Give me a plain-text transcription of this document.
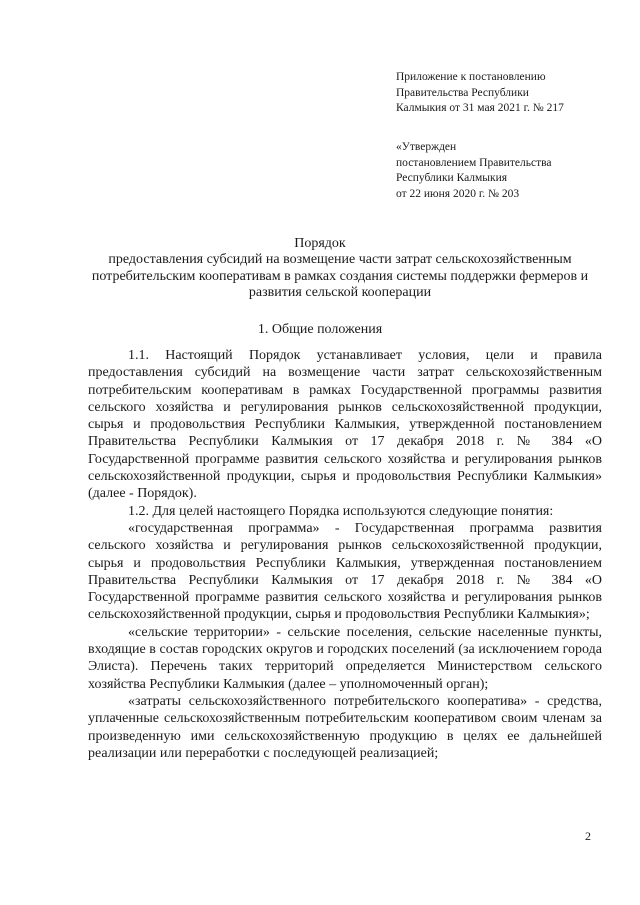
Приложение к постановлению
Правительства Республики
Калмыкия от 31 мая 2021 г. № 217
«Утвержден
постановлением Правительства
Республики Калмыкия
от 22 июня 2020 г. № 203
Порядок
предоставления субсидий на возмещение части затрат сельскохозяйственным потребительским кооперативам в рамках создания системы поддержки фермеров и развития сельской кооперации
1. Общие положения

1.1. Настоящий Порядок устанавливает условия, цели и правила предоставления субсидий на возмещение части затрат сельскохозяйственным потребительским кооперативам в рамках Государственной программы развития сельского хозяйства и регулирования рынков сельскохозяйственной продукции, сырья и продовольствия Республики Калмыкия, утвержденной постановлением Правительства Республики Калмыкия от 17 декабря 2018 г. № 384 «О Государственной программе развития сельского хозяйства и регулирования рынков сельскохозяйственной продукции, сырья и продовольствия Республики Калмыкия» (далее - Порядок).

1.2. Для целей настоящего Порядка используются следующие понятия:

«государственная программа» - Государственная программа развития сельского хозяйства и регулирования рынков сельскохозяйственной продукции, сырья и продовольствия Республики Калмыкия, утвержденная постановлением Правительства Республики Калмыкия от 17 декабря 2018 г. № 384 «О Государственной программе развития сельского хозяйства и регулирования рынков сельскохозяйственной продукции, сырья и продовольствия Республики Калмыкия»;

«сельские территории» - сельские поселения, сельские населенные пункты, входящие в состав городских округов и городских поселений (за исключением города Элиста). Перечень таких территорий определяется Министерством сельского хозяйства Республики Калмыкия (далее – уполномоченный орган);

«затраты сельскохозяйственного потребительского кооператива» - средства, уплаченные сельскохозяйственным потребительским кооперативом своим членам за произведенную ими сельскохозяйственную продукцию в целях ее дальнейшей реализации или переработки с последующей реализацией;

2
